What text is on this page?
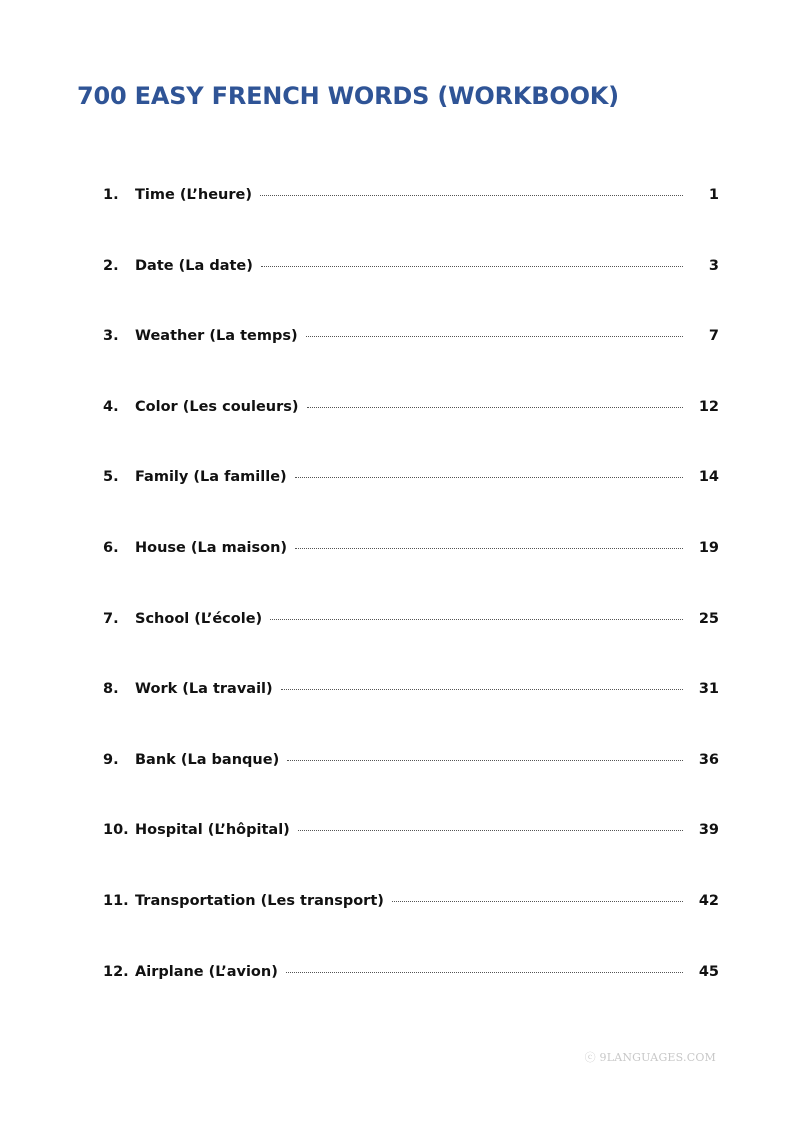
700 EASY FRENCH WORDS (WORKBOOK)
1.	Time (L’heure)	1
2.	Date (La date)	3
3.	Weather (La temps)	7
4.	Color (Les couleurs)	12
5.	Family (La famille)	14
6.	House (La maison)	19
7.	School (L’école)	25
8.	Work (La travail)	31
9.	Bank (La banque)	36
10. Hospital (L’hôpital)	39
11. Transportation (Les transport)	42
12. Airplane (L’avion)	45
ⓒ 9LANGUAGES.COM
